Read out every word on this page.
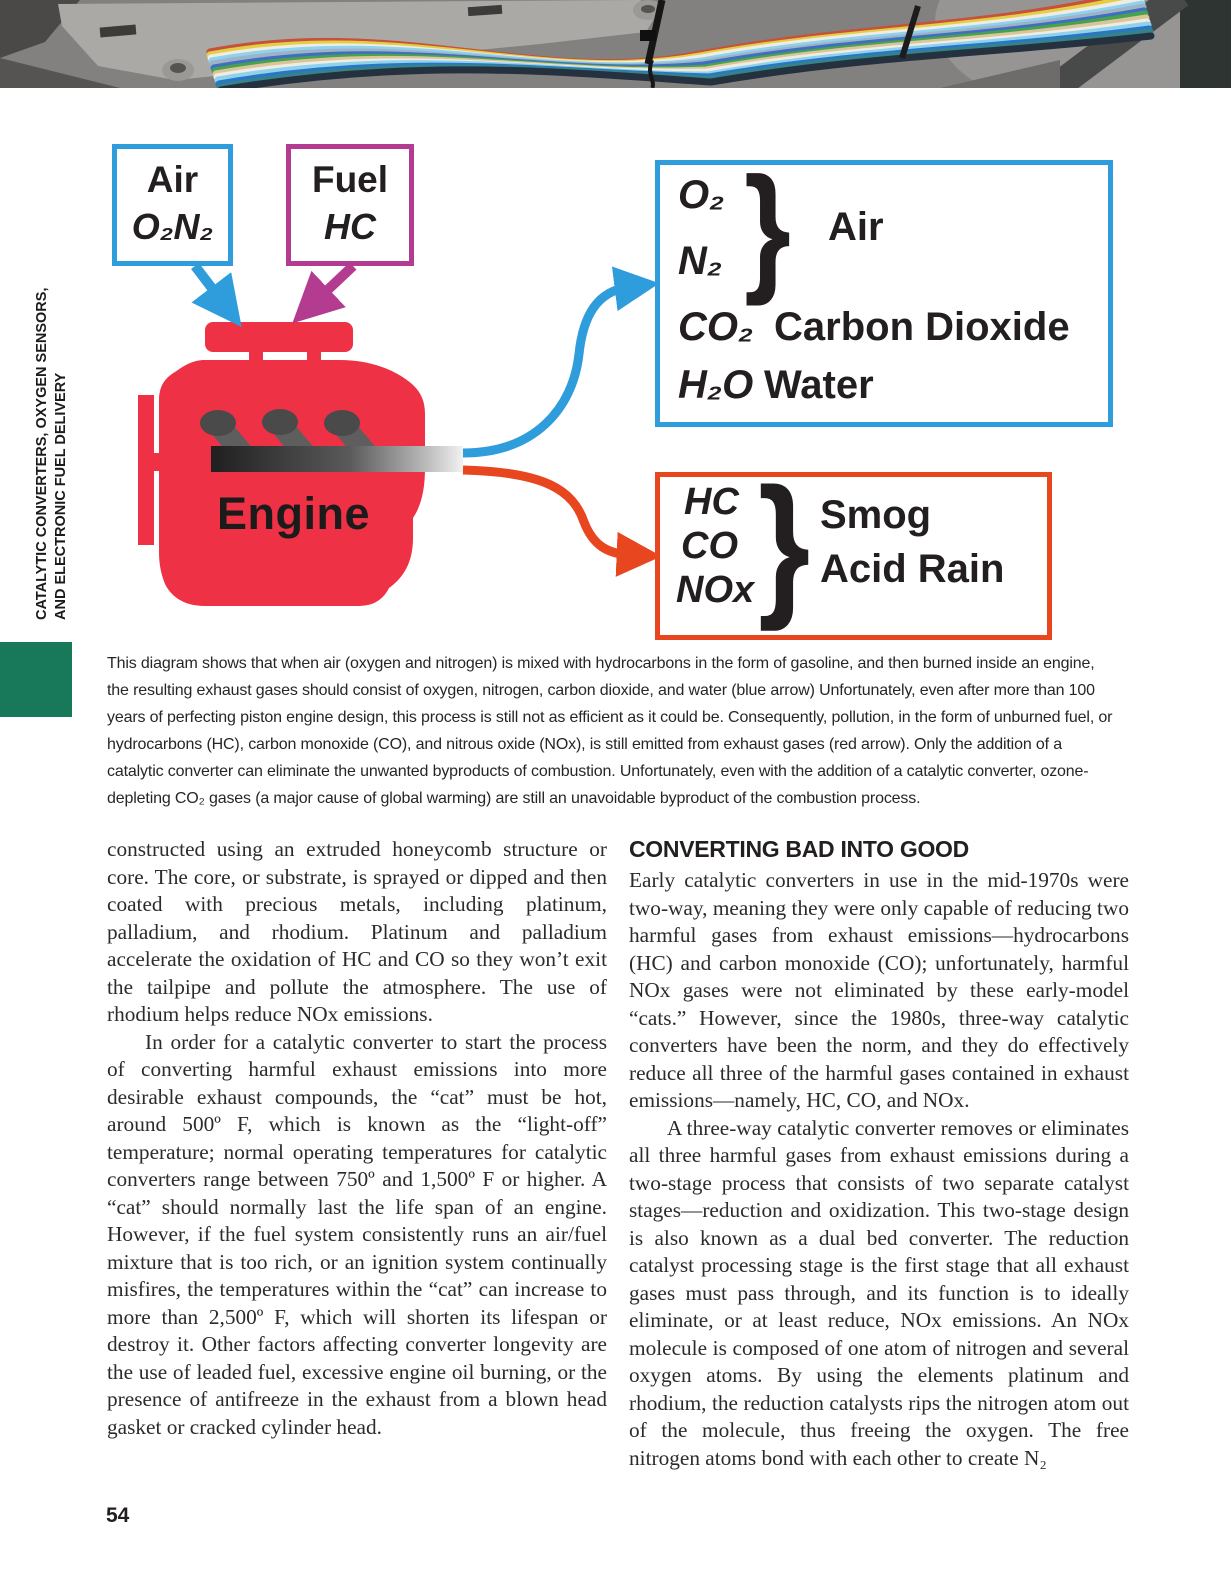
CATALYTIC CONVERTERS, OXYGEN SENSORS, AND ELECTRONIC FUEL DELIVERY	Engine
Air
O₂N₂
Fuel
HC
O₂
N₂ } Air
CO₂ Carbon Dioxide
H₂O Water
HC
CO
NOx } Smog
Acid Rain
This diagram shows that when air (oxygen and nitrogen) is mixed with hydrocarbons in the form of gasoline, and then burned inside an engine, the resulting exhaust gases should consist of oxygen, nitrogen, carbon dioxide, and water (blue arrow) Unfortunately, even after more than 100 years of perfecting piston engine design, this process is still not as efficient as it could be. Consequently, pollution, in the form of unburned fuel, or hydrocarbons (HC), carbon monoxide (CO), and nitrous oxide (NOx), is still emitted from exhaust gases (red arrow). Only the addition of a catalytic converter can eliminate the unwanted byproducts of combustion. Unfortunately, even with the addition of a catalytic converter, ozone-depleting CO₂ gases (a major cause of global warming) are still an unavoidable byproduct of the combustion process.

constructed using an extruded honeycomb structure or core. The core, or substrate, is sprayed or dipped and then coated with precious metals, including platinum, palladium, and rhodium. Platinum and palladium accelerate the oxidation of HC and CO so they won’t exit the tailpipe and pollute the atmosphere. The use of rhodium helps reduce NOx emissions.

In order for a catalytic converter to start the process of converting harmful exhaust emissions into more desirable exhaust compounds, the “cat” must be hot, around 500º F, which is known as the “light-off” temperature; normal operating temperatures for catalytic converters range between 750º and 1,500º F or higher. A “cat” should normally last the life span of an engine. However, if the fuel system consistently runs an air/fuel mixture that is too rich, or an ignition system continually misfires, the temperatures within the “cat” can increase to more than 2,500º F, which will shorten its lifespan or destroy it. Other factors affecting converter longevity are the use of leaded fuel, excessive engine oil burning, or the presence of antifreeze in the exhaust from a blown head gasket or cracked cylinder head.

CONVERTING BAD INTO GOOD

Early catalytic converters in use in the mid-1970s were two-way, meaning they were only capable of reducing two harmful gases from exhaust emissions—hydrocarbons (HC) and carbon monoxide (CO); unfortunately, harmful NOx gases were not eliminated by these early-model “cats.” However, since the 1980s, three-way catalytic converters have been the norm, and they do effectively reduce all three of the harmful gases contained in exhaust emissions—namely, HC, CO, and NOx.

A three-way catalytic converter removes or eliminates all three harmful gases from exhaust emissions during a two-stage process that consists of two separate catalyst stages—reduction and oxidization. This two-stage design is also known as a dual bed converter. The reduction catalyst processing stage is the first stage that all exhaust gases must pass through, and its function is to ideally eliminate, or at least reduce, NOx emissions. An NOx molecule is composed of one atom of nitrogen and several oxygen atoms. By using the elements platinum and rhodium, the reduction catalysts rips the nitrogen atom out of the molecule, thus freeing the oxygen. The free nitrogen atoms bond with each other to create N₂

54
